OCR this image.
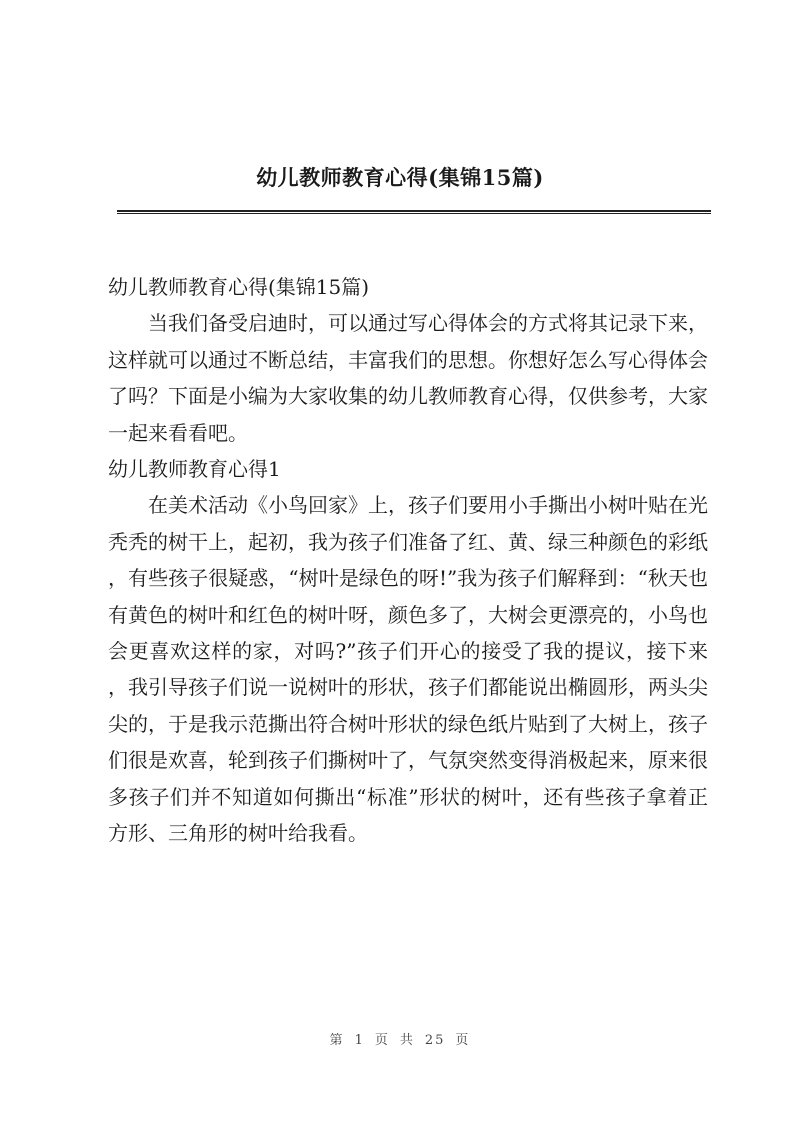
幼儿教师教育心得(集锦15篇)

幼儿教师教育心得(集锦15篇)

当我们备受启迪时，可以通过写心得体会的方式将其记录下来，这样就可以通过不断总结，丰富我们的思想。你想好怎么写心得体会了吗？下面是小编为大家收集的幼儿教师教育心得，仅供参考，大家一起来看看吧。

幼儿教师教育心得1

在美术活动《小鸟回家》上，孩子们要用小手撕出小树叶贴在光秃秃的树干上，起初，我为孩子们准备了红、黄、绿三种颜色的彩纸，有些孩子很疑惑，“树叶是绿色的呀!”我为孩子们解释到：“秋天也有黄色的树叶和红色的树叶呀，颜色多了，大树会更漂亮的，小鸟也会更喜欢这样的家，对吗?”孩子们开心的接受了我的提议，接下来，我引导孩子们说一说树叶的形状，孩子们都能说出椭圆形，两头尖尖的，于是我示范撕出符合树叶形状的绿色纸片贴到了大树上，孩子们很是欢喜，轮到孩子们撕树叶了，气氛突然变得消极起来，原来很多孩子们并不知道如何撕出“标准”形状的树叶，还有些孩子拿着正方形、三角形的树叶给我看。

第 1 页 共 25 页
